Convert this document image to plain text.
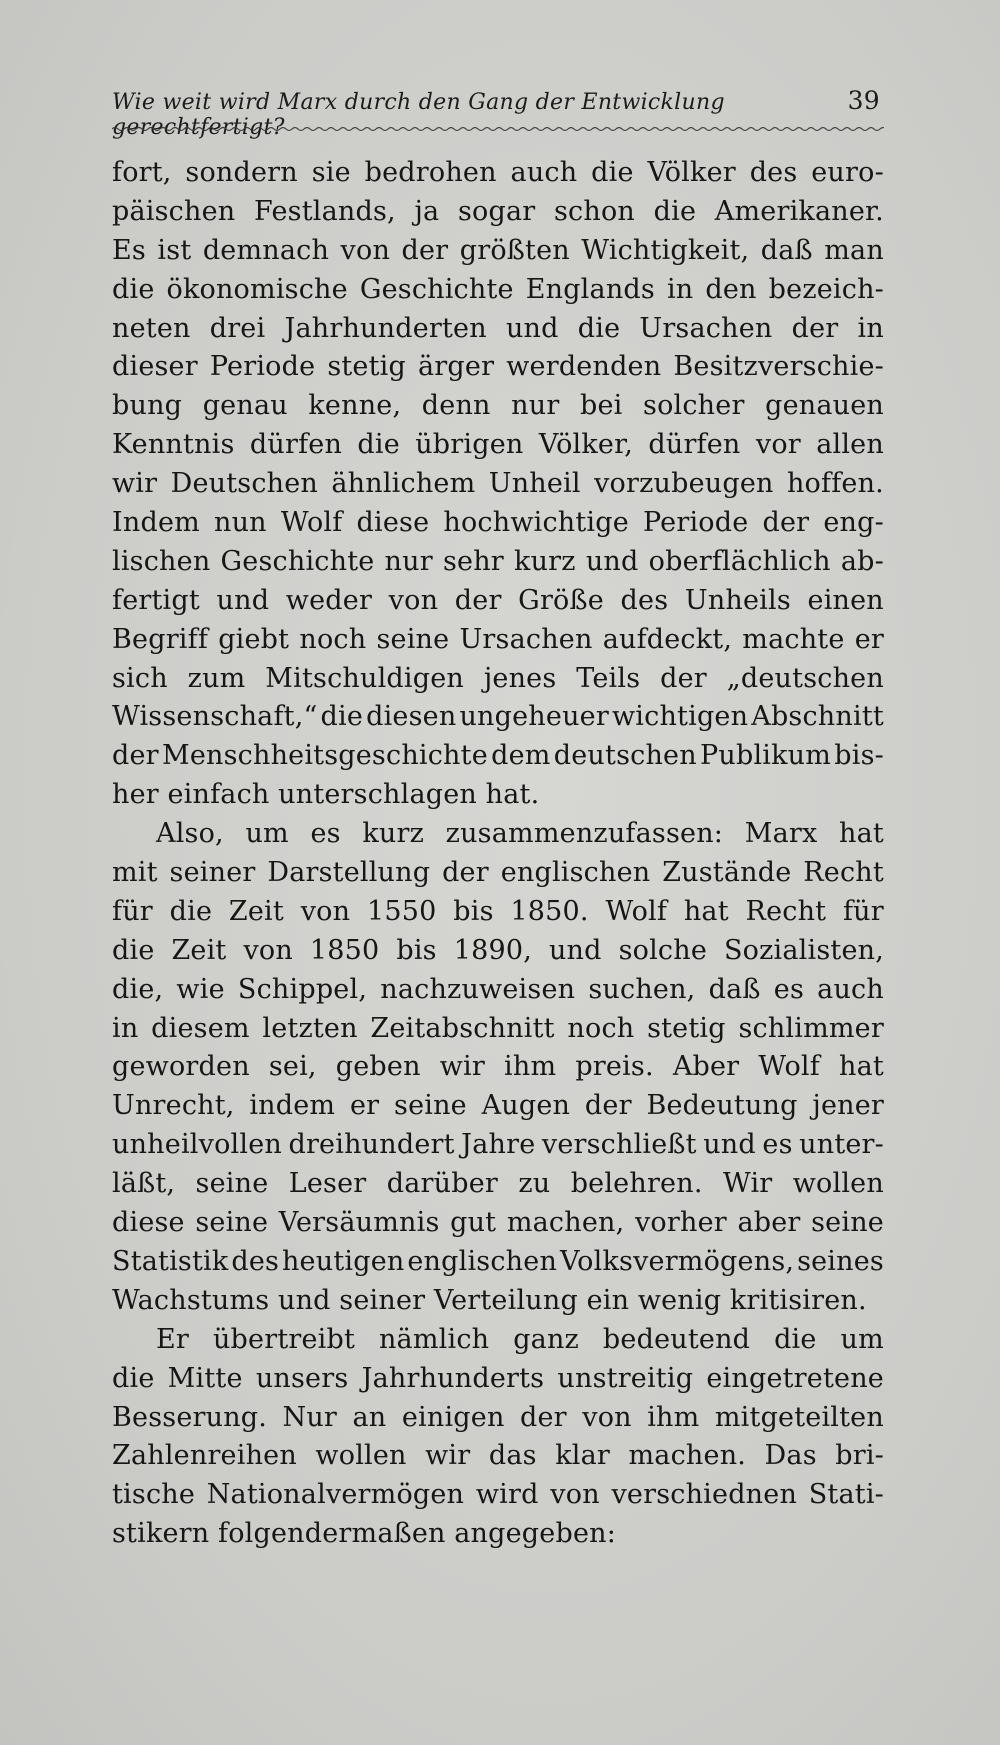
Wie weit wird Marx durch den Gang der Entwicklung gerechtfertigt?
39
fort, sondern sie bedrohen auch die Völker des euro-
päischen Festlands, ja sogar schon die Amerikaner.
Es ist demnach von der größten Wichtigkeit, daß man
die ökonomische Geschichte Englands in den bezeich-
neten drei Jahrhunderten und die Ursachen der in
dieser Periode stetig ärger werdenden Besitzverschie-
bung genau kenne, denn nur bei solcher genauen
Kenntnis dürfen die übrigen Völker, dürfen vor allen
wir Deutschen ähnlichem Unheil vorzubeugen hoffen.
Indem nun Wolf diese hochwichtige Periode der eng-
lischen Geschichte nur sehr kurz und oberflächlich ab-
fertigt und weder von der Größe des Unheils einen
Begriff giebt noch seine Ursachen aufdeckt, machte er
sich zum Mitschuldigen jenes Teils der „deutschen
Wissenschaft,“ die diesen ungeheuer wichtigen Abschnitt
der Menschheitsgeschichte dem deutschen Publikum bis-
her einfach unterschlagen hat.
Also, um es kurz zusammenzufassen: Marx hat
mit seiner Darstellung der englischen Zustände Recht
für die Zeit von 1550 bis 1850. Wolf hat Recht für
die Zeit von 1850 bis 1890, und solche Sozialisten,
die, wie Schippel, nachzuweisen suchen, daß es auch
in diesem letzten Zeitabschnitt noch stetig schlimmer
geworden sei, geben wir ihm preis. Aber Wolf hat
Unrecht, indem er seine Augen der Bedeutung jener
unheilvollen dreihundert Jahre verschließt und es unter-
läßt, seine Leser darüber zu belehren. Wir wollen
diese seine Versäumnis gut machen, vorher aber seine
Statistik des heutigen englischen Volksvermögens, seines
Wachstums und seiner Verteilung ein wenig kritisiren.
Er übertreibt nämlich ganz bedeutend die um
die Mitte unsers Jahrhunderts unstreitig eingetretene
Besserung. Nur an einigen der von ihm mitgeteilten
Zahlenreihen wollen wir das klar machen. Das bri-
tische Nationalvermögen wird von verschiednen Stati-
stikern folgendermaßen angegeben:
